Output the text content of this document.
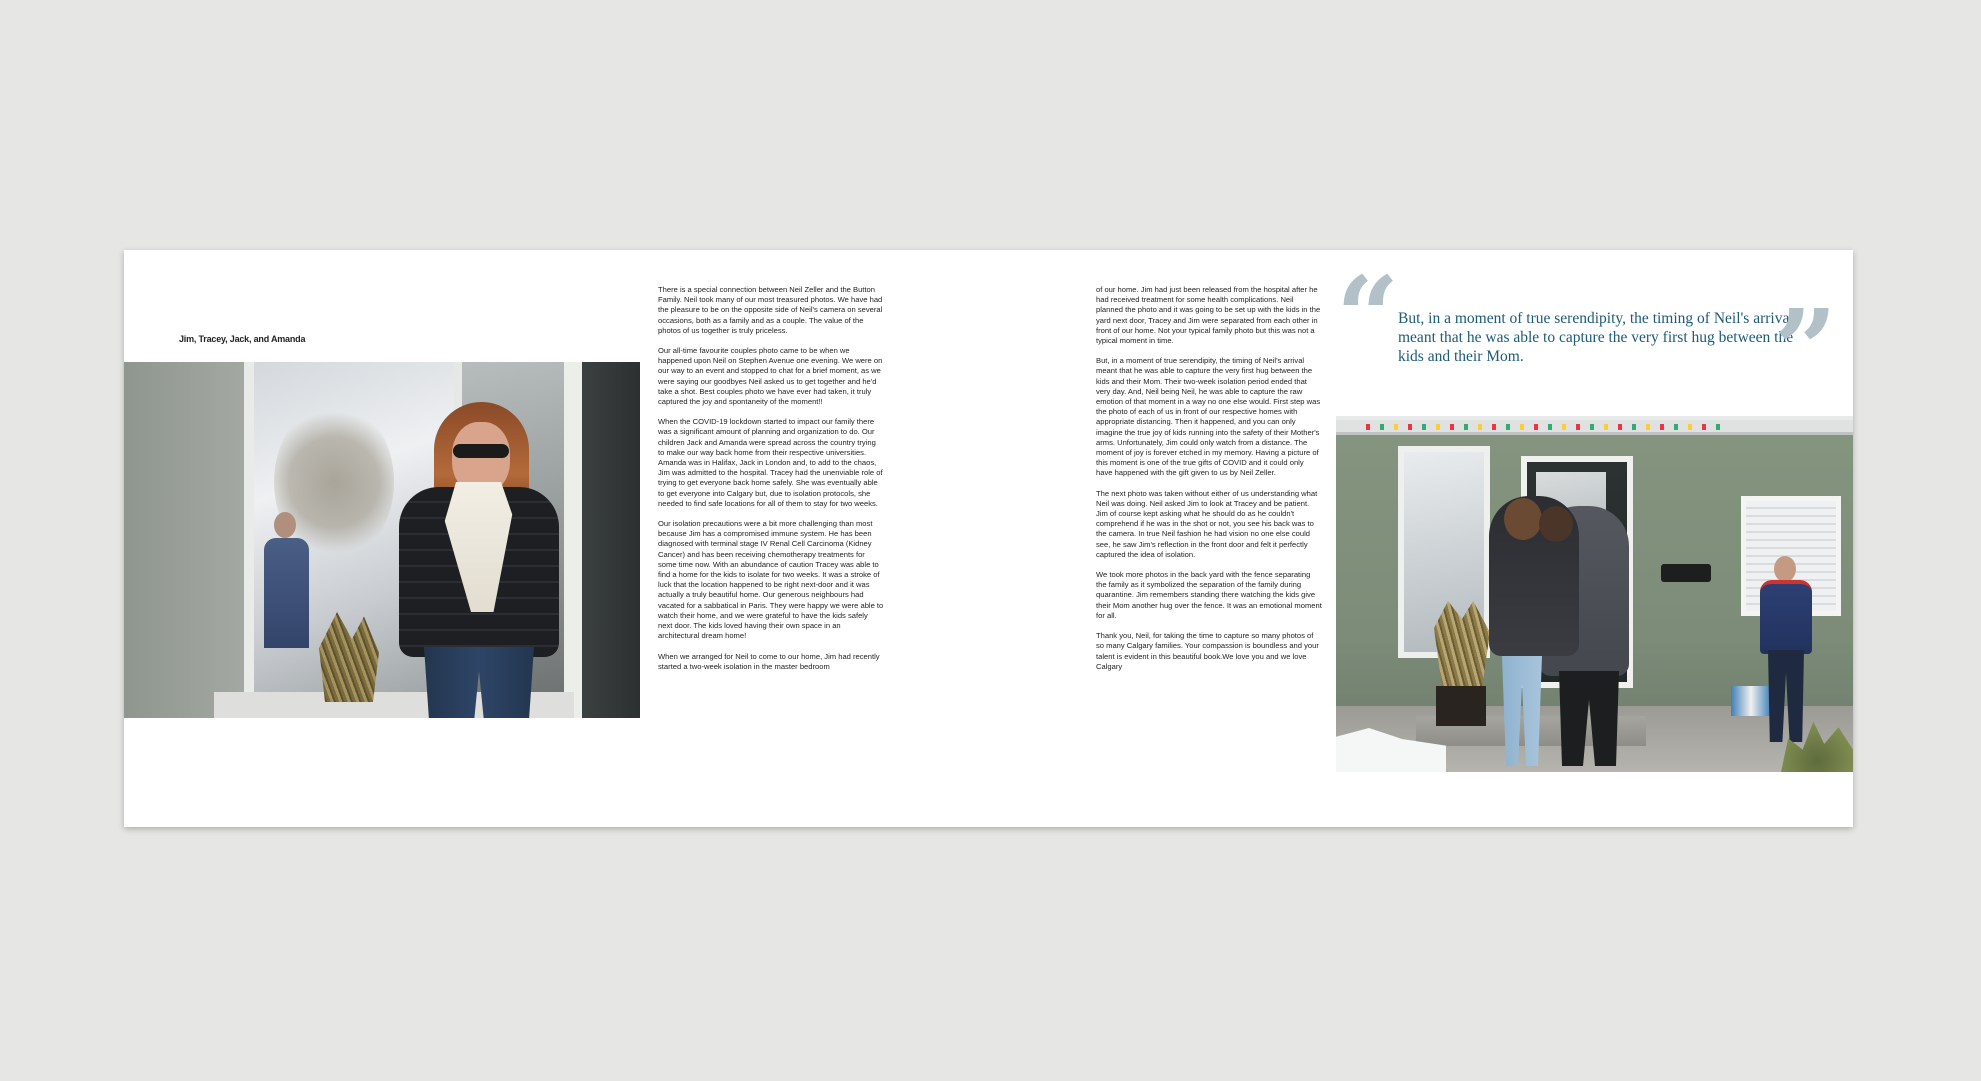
Jim, Tracey, Jack, and Amanda

There is a special connection between Neil Zeller and the Button Family. Neil took many of our most treasured photos. We have had the pleasure to be on the opposite side of Neil's camera on several occasions, both as a family and as a couple. The value of the photos of us together is truly priceless.

Our all-time favourite couples photo came to be when we happened upon Neil on Stephen Avenue one evening. We were on our way to an event and stopped to chat for a brief moment, as we were saying our goodbyes Neil asked us to get together and he'd take a shot. Best couples photo we have ever had taken, it truly captured the joy and spontaneity of the moment!!

When the COVID-19 lockdown started to impact our family there was a significant amount of planning and organization to do. Our children Jack and Amanda were spread across the country trying to make our way back home from their respective universities. Amanda was in Halifax, Jack in London and, to add to the chaos, Jim was admitted to the hospital. Tracey had the unenviable role of trying to get everyone back home safely. She was eventually able to get everyone into Calgary but, due to isolation protocols, she needed to find safe locations for all of them to stay for two weeks.

Our isolation precautions were a bit more challenging than most because Jim has a compromised immune system. He has been diagnosed with terminal stage IV Renal Cell Carcinoma (Kidney Cancer) and has been receiving chemotherapy treatments for some time now. With an abundance of caution Tracey was able to find a home for the kids to isolate for two weeks. It was a stroke of luck that the location happened to be right next-door and it was actually a truly beautiful home. Our generous neighbours had vacated for a sabbatical in Paris. They were happy we were able to watch their home, and we were grateful to have the kids safely next door. The kids loved having their own space in an architectural dream home!

When we arranged for Neil to come to our home, Jim had recently started a two-week isolation in the master bedroom

of our home. Jim had just been released from the hospital after he had received treatment for some health complications. Neil planned the photo and it was going to be set up with the kids in the yard next door, Tracey and Jim were separated from each other in front of our home. Not your typical family photo but this was not a typical moment in time.

But, in a moment of true serendipity, the timing of Neil's arrival meant that he was able to capture the very first hug between the kids and their Mom. Their two-week isolation period ended that very day. And, Neil being Neil, he was able to capture the raw emotion of that moment in a way no one else would. First step was the photo of each of us in front of our respective homes with appropriate distancing. Then it happened, and you can only imagine the true joy of kids running into the safety of their Mother's arms. Unfortunately, Jim could only watch from a distance. The moment of joy is forever etched in my memory. Having a picture of this moment is one of the true gifts of COVID and it could only have happened with the gift given to us by Neil Zeller.

The next photo was taken without either of us understanding what Neil was doing. Neil asked Jim to look at Tracey and be patient. Jim of course kept asking what he should do as he couldn't comprehend if he was in the shot or not, you see his back was to the camera. In true Neil fashion he had vision no one else could see, he saw Jim's reflection in the front door and felt it perfectly captured the idea of isolation.

We took more photos in the back yard with the fence separating the family as it symbolized the separation of the family during quarantine. Jim remembers standing there watching the kids give their Mom another hug over the fence. It was an emotional moment for all.

Thank you, Neil, for taking the time to capture so many photos of so many Calgary families. Your compassion is boundless and your talent is evident in this beautiful book.We love you and we love Calgary

“
But, in a moment of true serendipity, the timing of Neil's arrival meant that he was able to capture the very first hug between the kids and their Mom.	”
